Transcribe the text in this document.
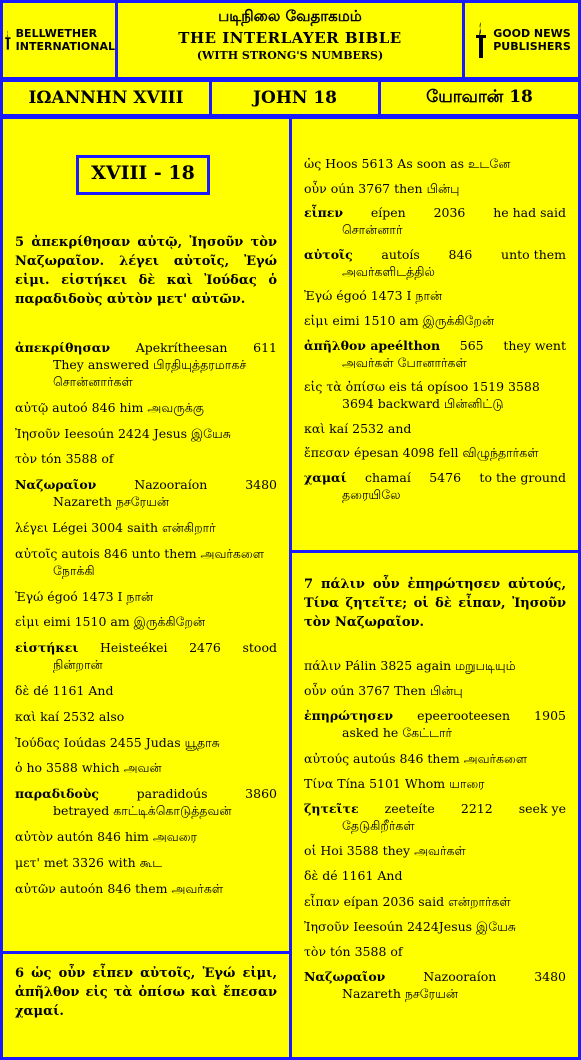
BELLWETHER
INTERNATIONAL
படிநிலை வேதாகமம்
THE INTERLAYER BIBLE
(WITH STRONG'S NUMBERS)
GOOD NEWS
PUBLISHERS
ΙΩΑΝΝΗΝ XVIII	JOHN 18	யோவான் 18
XVIII - 18
5 ἀπεκρίθησαν αὐτῷ, Ἰησοῦν τὸν Ναζωραῖον. λέγει αὐτοῖς, Ἐγώ εἰμι. εἱστήκει δὲ καὶ Ἰούδας ὁ παραδιδοὺς αὐτὸν μετ' αὐτῶν.
ἀπεκρίθησαν Apekrítheesan 611
They answered பிரதியுத்தரமாகச் சொன்னார்கள்
αὐτῷ autoó 846 him அவருக்கு
Ἰησοῦν Ieesoún 2424 Jesus இயேசு
τὸν tón 3588 of
Ναζωραῖον	Nazooraíon	3480
Nazareth நசரேயன்
λέγει Légei 3004 saith என்கிறார்
αὐτοῖς autois 846 unto them அவர்களை
நோக்கி
Ἐγώ égoó 1473 I நான்
εἰμι eimi 1510 am இருக்கிறேன்
εἱστήκει Heisteékei 2476 stood
நின்றான்
δὲ dé 1161 And
καὶ kaí 2532 also
Ἰούδας Ioúdas 2455 Judas யூதாசு
ὁ ho 3588 which அவன்
παραδιδοὺς	paradidoús	3860
betrayed காட்டிக்கொடுத்தவன்
αὐτὸν autón 846 him அவரை
μετ' met 3326 with கூட
αὐτῶν autoón 846 them அவர்கள்
6 ὡς οὖν εἶπεν αὐτοῖς, Ἐγώ εἰμι, ἀπῆλθον εἰς τὰ ὀπίσω καὶ ἔπεσαν χαμαί.
ὡς Hoos 5613 As soon as உடனே
οὖν oún 3767 then பின்பு
εἶπεν eípen 2036 he had said
சொன்னார்
αὐτοῖς autoís 846 unto them
அவர்களிடத்தில்
Ἐγώ égoó 1473 I நான்
εἰμι eimi 1510 am இருக்கிறேன்
ἀπῆλθον apeélthon 565 they went
அவர்கள் போனார்கள்
εἰς τὰ ὀπίσω eis tá opísoo 1519 3588
3694 backward பின்னிட்டு
καὶ kaí 2532 and
ἔπεσαν épesan 4098 fell விழுந்தார்கள்
χαμαί chamaí 5476 to the ground
தரையிலே
7 πάλιν οὖν ἐπηρώτησεν αὐτούς, Τίνα ζητεῖτε; οἱ δὲ εἶπαν, Ἰησοῦν τὸν Ναζωραῖον.
πάλιν Pálin 3825 again மறுபடியும்
οὖν oún 3767 Then பின்பு
ἐπηρώτησεν epeerooteesen 1905
asked he கேட்டார்
αὐτούς autoús 846 them அவர்களை
Τίνα Tína 5101 Whom யாரை
ζητεῖτε zeeteíte 2212 seek ye
தேடுகிறீர்கள்
οἱ Hoi 3588 they அவர்கள்
δὲ dé 1161 And
εἶπαν eípan 2036 said என்றார்கள்
Ἰησοῦν Ieesoún 2424Jesus இயேசு
τὸν tón 3588 of
Ναζωραῖον	Nazooraíon	3480
Nazareth நசரேயன்
